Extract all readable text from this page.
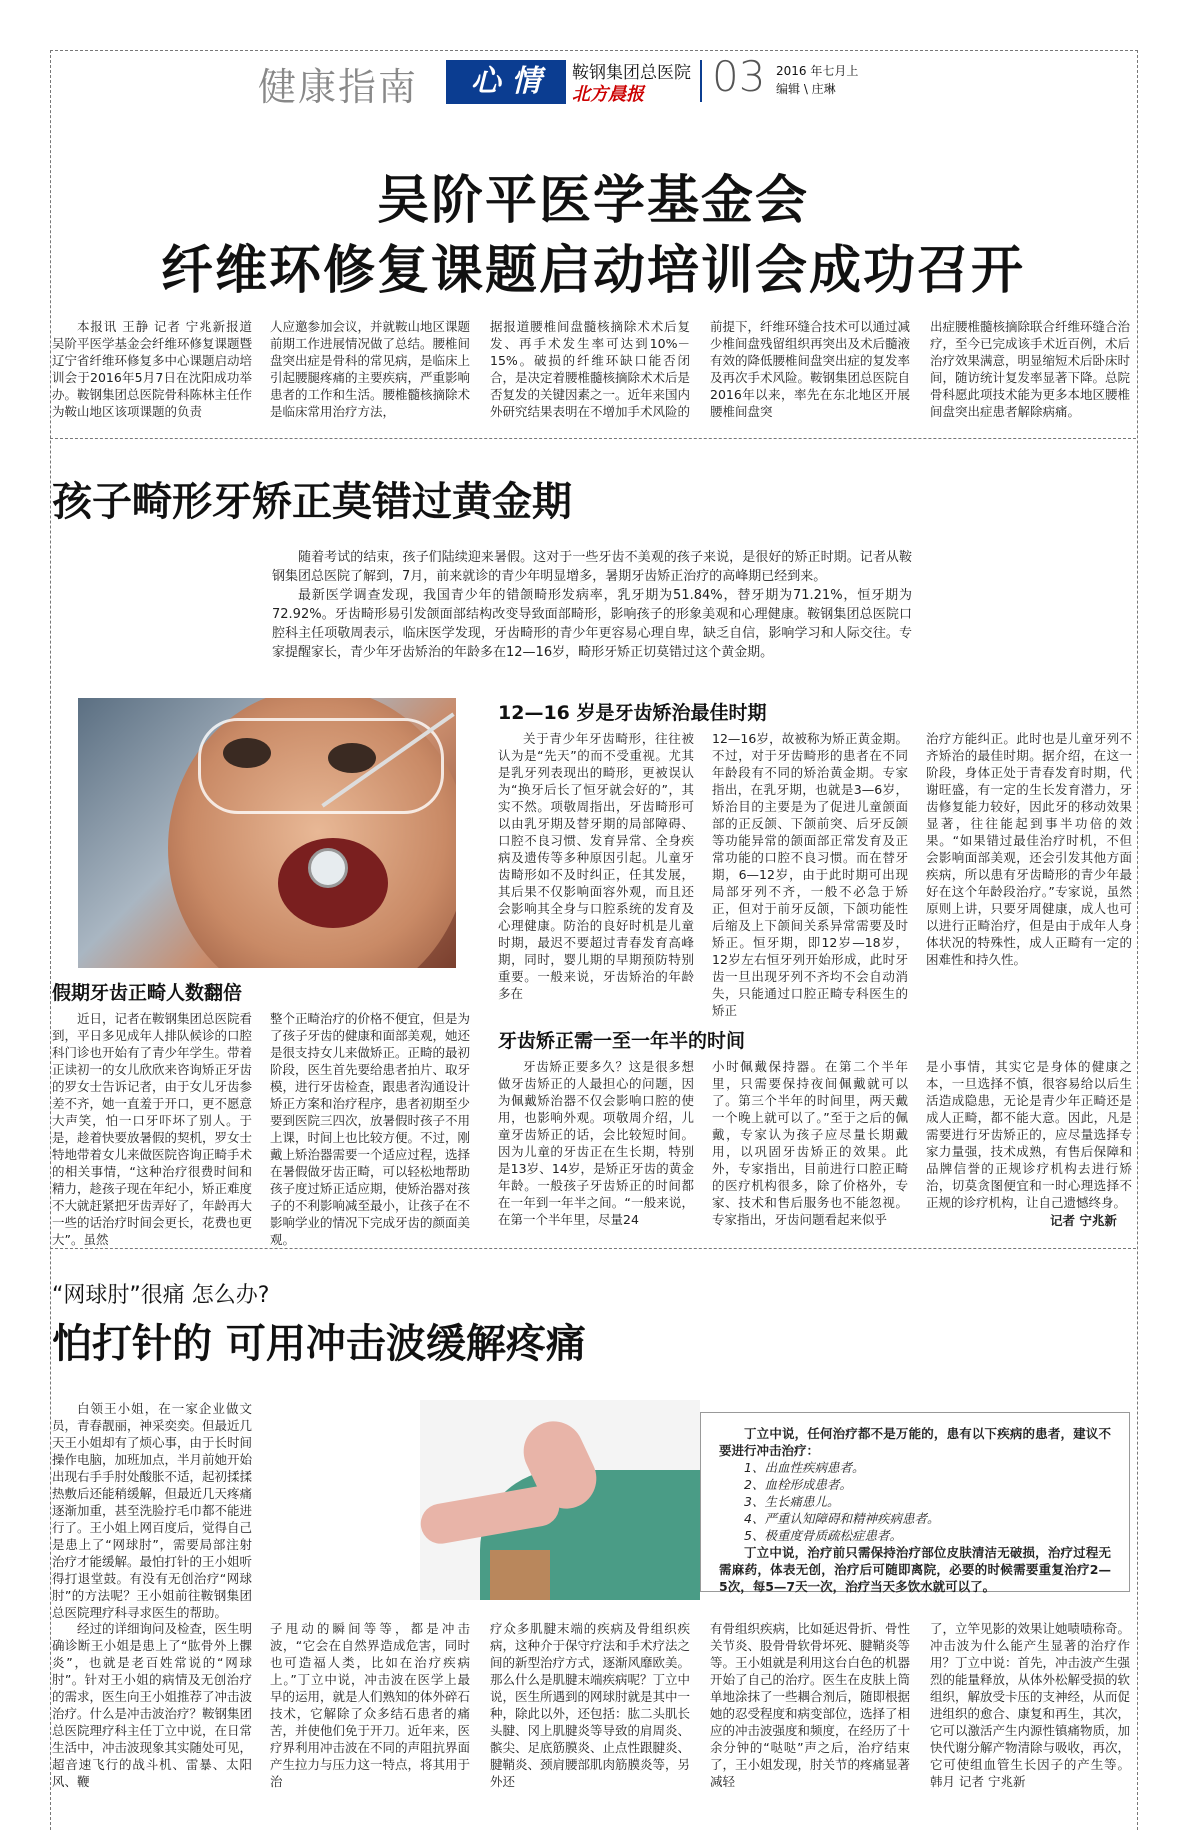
健康指南	心 情	鞍钢集团总医院
北方晨报 03 2016 年七月上
编辑 \ 庄琳
吴阶平医学基金会
纤维环修复课题启动培训会成功召开
本报讯 王静 记者 宁兆新报道 吴阶平医学基金会纤维环修复课题暨辽宁省纤维环修复多中心课题启动培训会于2016年5月7日在沈阳成功举办。鞍钢集团总医院骨科陈林主任作为鞍山地区该项课题的负责
人应邀参加会议，并就鞍山地区课题前期工作进展情况做了总结。腰椎间盘突出症是骨科的常见病，是临床上引起腰腿疼痛的主要疾病，严重影响患者的工作和生活。腰椎髓核摘除术是临床常用治疗方法，
据报道腰椎间盘髓核摘除术术后复发、再手术发生率可达到10%－15%。破损的纤维环缺口能否闭合，是决定着腰椎髓核摘除术术后是否复发的关键因素之一。近年来国内外研究结果表明在不增加手术风险的
前提下，纤维环缝合技术可以通过减少椎间盘残留组织再突出及术后髓液有效的降低腰椎间盘突出症的复发率及再次手术风险。鞍钢集团总医院自2016年以来，率先在东北地区开展腰椎间盘突
出症腰椎髓核摘除联合纤维环缝合治疗，至今已完成该手术近百例，术后治疗效果满意，明显缩短术后卧床时间，随访统计复发率显著下降。总院骨科愿此项技术能为更多本地区腰椎间盘突出症患者解除病痛。
孩子畸形牙矫正莫错过黄金期
随着考试的结束，孩子们陆续迎来暑假。这对于一些牙齿不美观的孩子来说，是很好的矫正时期。记者从鞍钢集团总医院了解到，7月，前来就诊的青少年明显增多，暑期牙齿矫正治疗的高峰期已经到来。
最新医学调查发现，我国青少年的错颌畸形发病率，乳牙期为51.84%，替牙期为71.21%，恒牙期为72.92%。牙齿畸形易引发颌面部结构改变导致面部畸形，影响孩子的形象美观和心理健康。鞍钢集团总医院口腔科主任项敬周表示，临床医学发现，牙齿畸形的青少年更容易心理自卑，缺乏自信，影响学习和人际交往。专家提醒家长，青少年牙齿矫治的年龄多在12—16岁，畸形牙矫正切莫错过这个黄金期。
12—16 岁是牙齿矫治最佳时期
关于青少年牙齿畸形，往往被认为是“先天”的而不受重视。尤其是乳牙列表现出的畸形，更被误认为“换牙后长了恒牙就会好的”，其实不然。项敬周指出，牙齿畸形可以由乳牙期及替牙期的局部障碍、口腔不良习惯、发育异常、全身疾病及遗传等多种原因引起。儿童牙齿畸形如不及时纠正，任其发展，其后果不仅影响面容外观，而且还会影响其全身与口腔系统的发育及心理健康。防治的良好时机是儿童时期，最迟不要超过青春发育高峰期，同时，婴儿期的早期预防特别重要。一般来说，牙齿矫治的年龄多在
12—16岁，故被称为矫正黄金期。不过，对于牙齿畸形的患者在不同年龄段有不同的矫治黄金期。专家指出，在乳牙期，也就是3—6岁，矫治目的主要是为了促进儿童颌面部的正反颌、下颌前突、后牙反颌等功能异常的颌面部正常发育及正常功能的口腔不良习惯。而在替牙期，6—12岁，由于此时期可出现局部牙列不齐，一般不必急于矫正，但对于前牙反颌，下颌功能性后缩及上下颌间关系异常需要及时矫正。恒牙期，即12岁—18岁，12岁左右恒牙列开始形成，此时牙齿一旦出现牙列不齐均不会自动消失，只能通过口腔正畸专科医生的矫正
治疗方能纠正。此时也是儿童牙列不齐矫治的最佳时期。据介绍，在这一阶段，身体正处于青春发育时期，代谢旺盛，有一定的生长发育潜力，牙齿修复能力较好，因此牙的移动效果显著，往往能起到事半功倍的效果。“如果错过最佳治疗时机，不但会影响面部美观，还会引发其他方面疾病，所以患有牙齿畸形的青少年最好在这个年龄段治疗。”专家说，虽然原则上讲，只要牙周健康，成人也可以进行正畸治疗，但是由于成年人身体状况的特殊性，成人正畸有一定的困难性和持久性。
假期牙齿正畸人数翻倍
近日，记者在鞍钢集团总医院看到，平日多见成年人排队候诊的口腔科门诊也开始有了青少年学生。带着正读初一的女儿欣欣来咨询矫正牙齿的罗女士告诉记者，由于女儿牙齿参差不齐，她一直羞于开口，更不愿意大声笑，怕一口牙吓坏了别人。于是，趁着快要放暑假的契机，罗女士特地带着女儿来做医院咨询正畸手术的相关事情，“这种治疗很费时间和精力，趁孩子现在年纪小，矫正难度不大就赶紧把牙齿弄好了，年龄再大一些的话治疗时间会更长，花费也更大”。虽然
整个正畸治疗的价格不便宜，但是为了孩子牙齿的健康和面部美观，她还是很支持女儿来做矫正。正畸的最初阶段，医生首先要给患者拍片、取牙模，进行牙齿检查，跟患者沟通设计矫正方案和治疗程序，患者初期至少要到医院三四次，放暑假时孩子不用上课，时间上也比较方便。不过，刚戴上矫治器需要一个适应过程，选择在暑假做牙齿正畸，可以轻松地帮助孩子度过矫正适应期，使矫治器对孩子的不利影响减至最小，让孩子在不影响学业的情况下完成牙齿的颜面美观。
牙齿矫正需一至一年半的时间
牙齿矫正要多久？这是很多想做牙齿矫正的人最担心的问题，因为佩戴矫治器不仅会影响口腔的使用，也影响外观。项敬周介绍，儿童牙齿矫正的话，会比较短时间。因为儿童的牙齿正在生长期，特别是13岁、14岁，是矫正牙齿的黄金年龄。一般孩子牙齿矫正的时间都在一年到一年半之间。“一般来说，在第一个半年里，尽量24
小时佩戴保持器。在第二个半年里，只需要保持夜间佩戴就可以了。第三个半年的时间里，两天戴一个晚上就可以了。”至于之后的佩戴，专家认为孩子应尽量长期戴用，以巩固牙齿矫正的效果。此外，专家指出，目前进行口腔正畸的医疗机构很多，除了价格外，专家、技术和售后服务也不能忽视。专家指出，牙齿问题看起来似乎
是小事情，其实它是身体的健康之本，一旦选择不慎，很容易给以后生活造成隐患，无论是青少年正畸还是成人正畸，都不能大意。因此，凡是需要进行牙齿矫正的，应尽量选择专家力量强，技术成熟，有售后保障和品牌信誉的正规诊疗机构去进行矫治，切莫贪图便宜和一时心理选择不正规的诊疗机构，让自己遗憾终身。
记者 宁兆新
“网球肘”很痛 怎么办?
怕打针的 可用冲击波缓解疼痛
白领王小姐，在一家企业做文员，青春靓丽，神采奕奕。但最近几天王小姐却有了烦心事，由于长时间操作电脑，加班加点，半月前她开始出现右手手肘处酸胀不适，起初揉揉热敷后还能稍缓解，但最近几天疼痛逐渐加重，甚至洗脸拧毛巾都不能进行了。王小姐上网百度后，觉得自己是患上了“网球肘”，需要局部注射治疗才能缓解。最怕打针的王小姐听得打退堂鼓。有没有无创治疗“网球肘”的方法呢？王小姐前往鞍钢集团总医院理疗科寻求医生的帮助。
丁立中说，任何治疗都不是万能的，患有以下疾病的患者，建议不要进行冲击治疗：
1、出血性疾病患者。
2、血栓形成患者。
3、生长痛患儿。
4、严重认知障碍和精神疾病患者。
5、极重度骨质疏松症患者。
丁立中说，治疗前只需保持治疗部位皮肤清洁无破损，治疗过程无需麻药，体表无创，治疗后可随即离院，必要的时候需要重复治疗2—5次，每5—7天一次，治疗当天多饮水就可以了。
经过的详细询问及检查，医生明确诊断王小姐是患上了“肱骨外上髁炎”，也就是老百姓常说的“网球肘”。针对王小姐的病情及无创治疗的需求，医生向王小姐推荐了冲击波治疗。什么是冲击波治疗？鞍钢集团总医院理疗科主任丁立中说，在日常生活中，冲击波现象其实随处可见，超音速飞行的战斗机、雷暴、太阳风、鞭
子甩动的瞬间等等，都是冲击波，“它会在自然界造成危害，同时也可造福人类，比如在治疗疾病上。”丁立中说，冲击波在医学上最早的运用，就是人们熟知的体外碎石技术，它解除了众多结石患者的痛苦，并使他们免于开刀。近年来，医疗界利用冲击波在不同的声阻抗界面产生拉力与压力这一特点，将其用于治
疗众多肌腱末端的疾病及骨组织疾病，这种介于保守疗法和手术疗法之间的新型治疗方式，逐渐风靡欧美。那么什么是肌腱末端疾病呢？丁立中说，医生所遇到的网球肘就是其中一种，除此以外，还包括：肱二头肌长头腱、冈上肌腱炎等导致的肩周炎、髌尖、足底筋膜炎、止点性跟腱炎、腱鞘炎、颈肩腰部肌肉筋膜炎等，另外还
有骨组织疾病，比如延迟骨折、骨性关节炎、股骨骨软骨坏死、腱鞘炎等等。王小姐就是利用这台白色的机器开始了自己的治疗。医生在皮肤上筒单地涂抹了一些耦合剂后，随即根据她的忍受程度和病变部位，选择了相应的冲击波强度和频度，在经历了十余分钟的“哒哒”声之后，治疗结束了，王小姐发现，肘关节的疼痛显著减轻
了，立竿见影的效果让她啧啧称奇。冲击波为什么能产生显著的治疗作用？丁立中说：首先，冲击波产生强烈的能量释放，从体外松解受损的软组织，解放受卡压的支神经，从而促进组织的愈合、康复和再生，其次，它可以激活产生内源性镇痛物质，加快代谢分解产物清除与吸收，再次，它可使组血管生长因子的产生等。 韩月 记者 宁兆新
